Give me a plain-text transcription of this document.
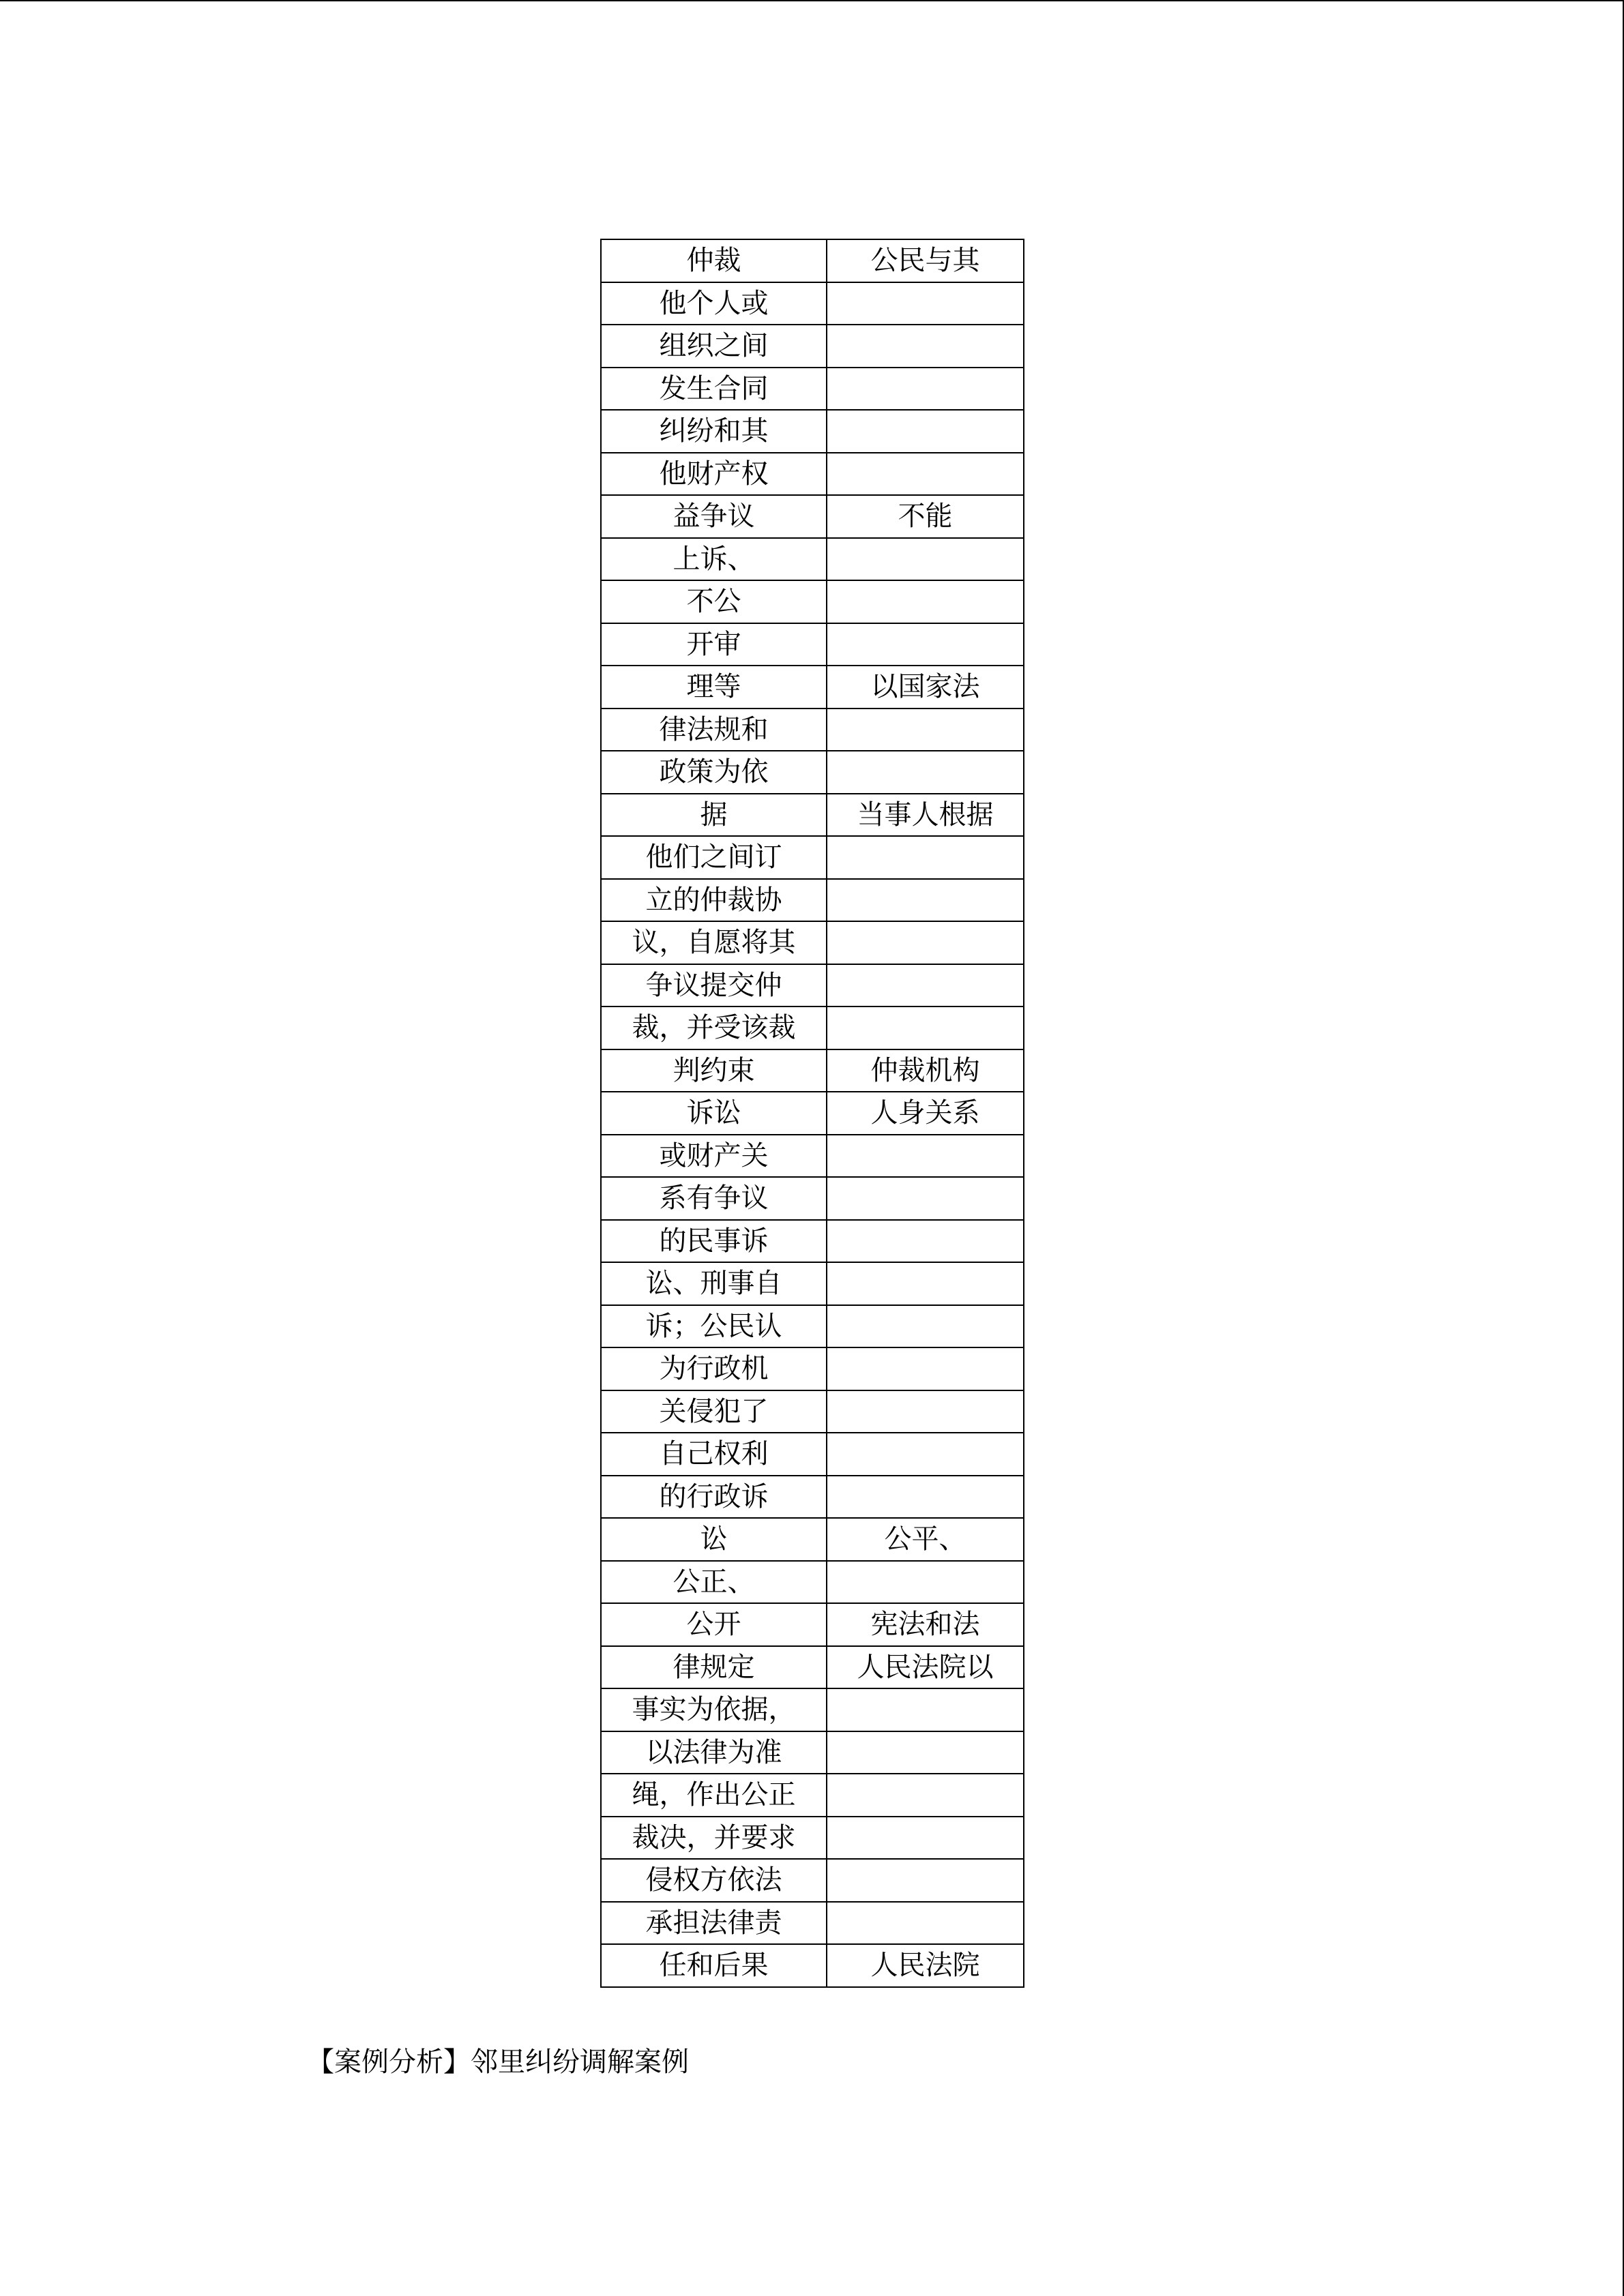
仲裁	公民与其
他个人或	
组织之间	
发生合同	
纠纷和其	
他财产权	
益争议	不能
上诉、	
不公	
开审	
理等	以国家法
律法规和	
政策为依	
据	当事人根据
他们之间订	
立的仲裁协	
议，自愿将其	
争议提交仲	
裁，并受该裁	
判约束	仲裁机构
诉讼	人身关系
或财产关	
系有争议	
的民事诉	
讼、刑事自	
诉；公民认	
为行政机	
关侵犯了	
自己权利	
的行政诉	
讼	公平、
公正、	
公开	宪法和法
律规定	人民法院以
事实为依据，	
以法律为准	
绳，作出公正	
裁决，并要求	
侵权方依法	
承担法律责	
任和后果	人民法院
【案例分析】邻里纠纷调解案例
